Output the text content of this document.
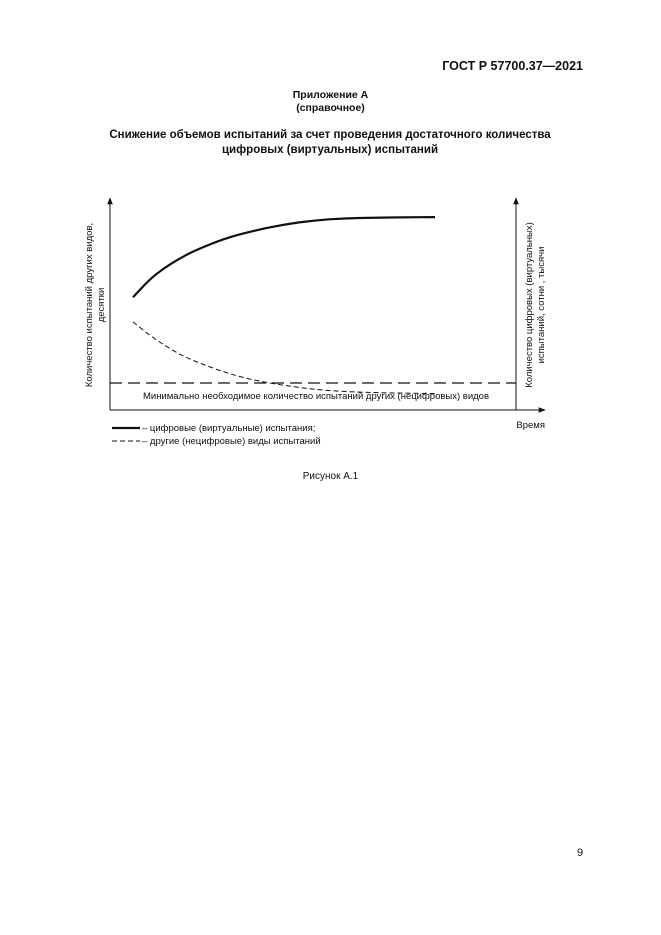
ГОСТ Р 57700.37—2021
Приложение А
(справочное)
Снижение объемов испытаний за счет проведения достаточного количества
цифровых (виртуальных) испытаний
Количество испытаний других видов, десятки	Количество цифровых (виртуальных) испытаний, сотни , тысячи
Минимально необходимое количество испытаний других (нецифровых) видов
Время
– цифровые (виртуальные) испытания;
– другие (нецифровые) виды испытаний
Рисунок А.1
9
